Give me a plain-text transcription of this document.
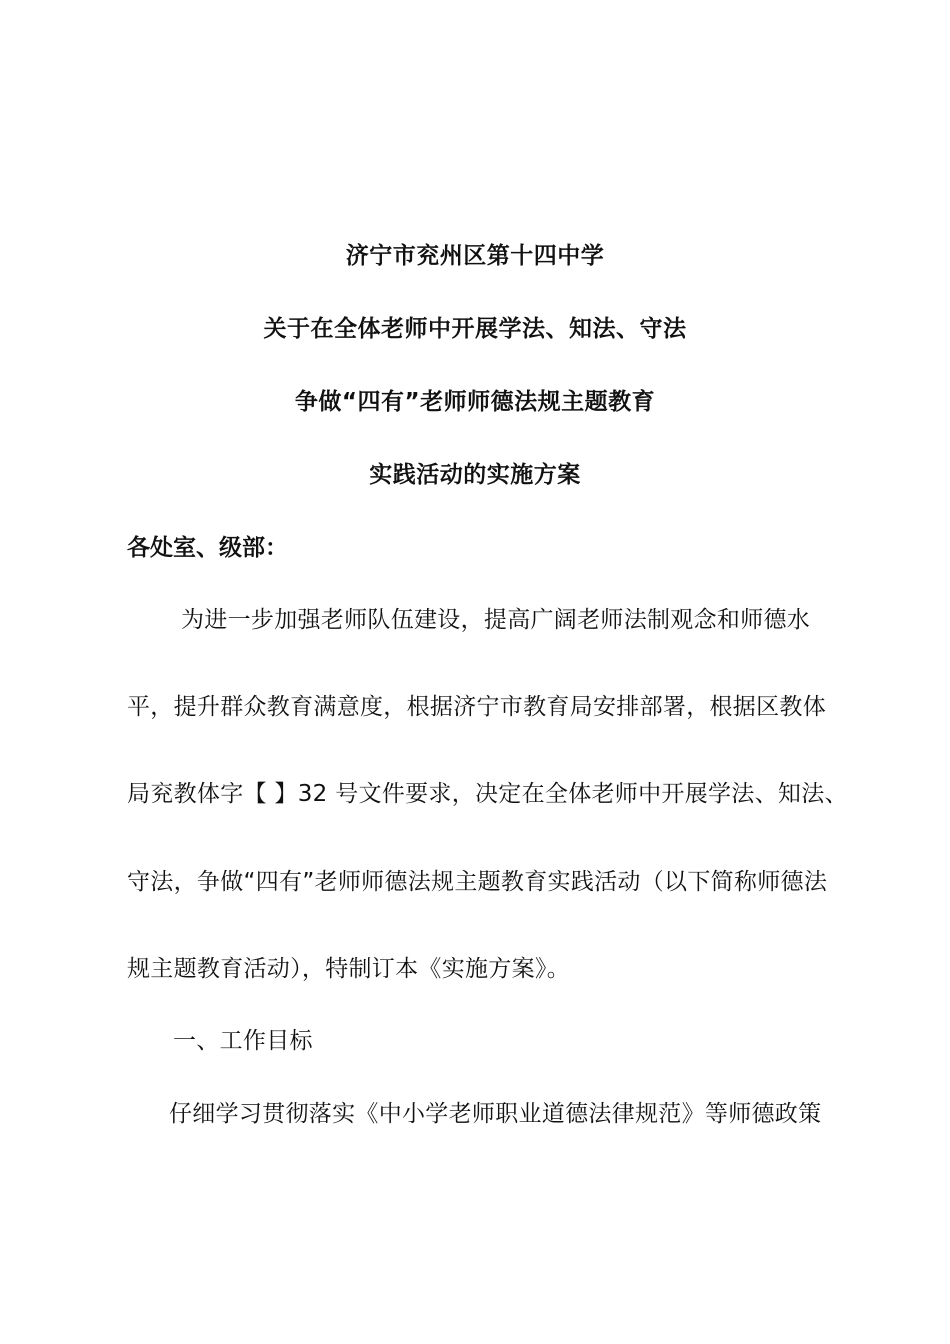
济宁市兖州区第十四中学
关于在全体老师中开展学法、知法、守法
争做“四有”老师师德法规主题教育
实践活动的实施方案
各处室、级部：
为进一步加强老师队伍建设，提高广阔老师法制观念和师德水
平，提升群众教育满意度，根据济宁市教育局安排部署，根据区教体
局兖教体字【 】32 号文件要求，决定在全体老师中开展学法、知法、
守法，争做“四有”老师师德法规主题教育实践活动（以下简称师德法
规主题教育活动），特制订本《实施方案》。
一、工作目标
仔细学习贯彻落实《中小学老师职业道德法律规范》等师德政策
